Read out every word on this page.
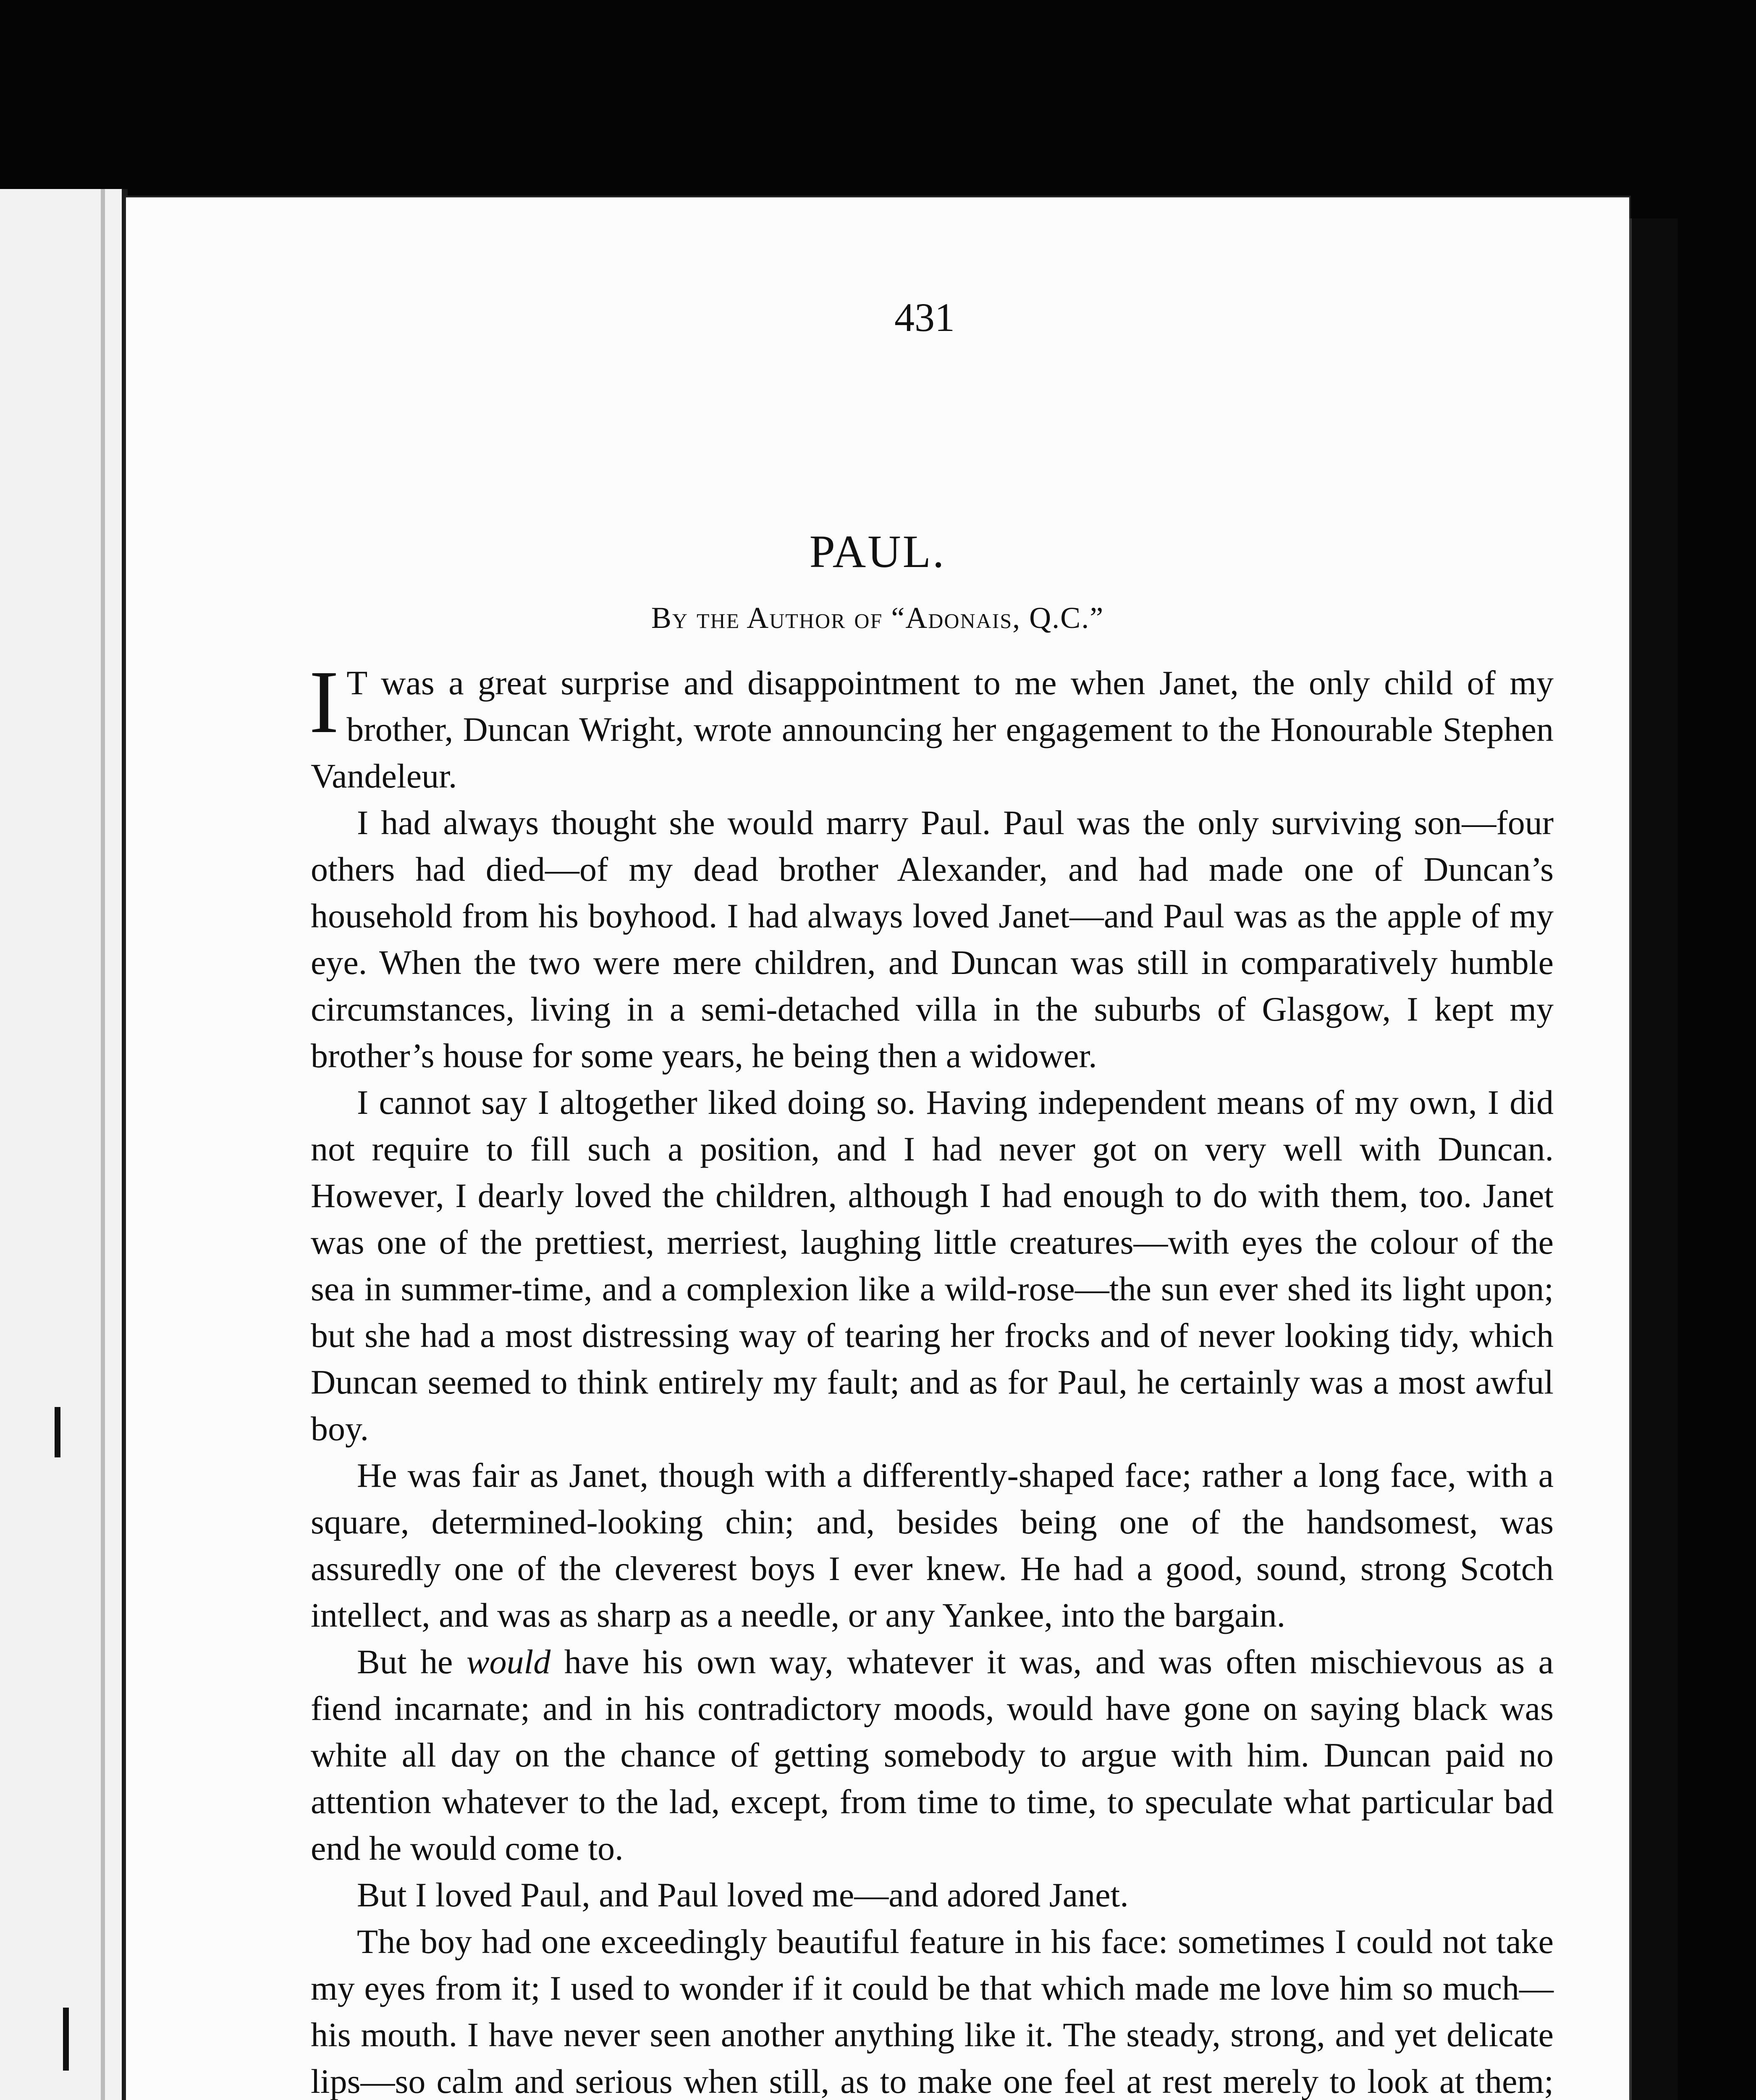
431
PAUL.
By the Author of “Adonais, Q.C.”

I T was a great surprise and disappointment to me when Janet, the only child of my brother, Duncan Wright, wrote announcing her engagement to the Honourable Stephen Vandeleur.

I had always thought she would marry Paul. Paul was the only surviving son—four others had died—of my dead brother Alexander, and had made one of Duncan’s household from his boyhood. I had always loved Janet—and Paul was as the apple of my eye. When the two were mere children, and Duncan was still in comparatively humble circumstances, living in a semi-detached villa in the suburbs of Glasgow, I kept my brother’s house for some years, he being then a widower.

I cannot say I altogether liked doing so. Having independent means of my own, I did not require to fill such a position, and I had never got on very well with Duncan. However, I dearly loved the children, although I had enough to do with them, too. Janet was one of the prettiest, merriest, laughing little creatures—with eyes the colour of the sea in summer-time, and a complexion like a wild-rose—the sun ever shed its light upon; but she had a most distressing way of tearing her frocks and of never looking tidy, which Duncan seemed to think entirely my fault; and as for Paul, he certainly was a most awful boy.

He was fair as Janet, though with a differently-shaped face; rather a long face, with a square, determined-looking chin; and, besides being one of the handsomest, was assuredly one of the cleverest boys I ever knew. He had a good, sound, strong Scotch intellect, and was as sharp as a needle, or any Yankee, into the bargain.

But he would have his own way, whatever it was, and was often mischievous as a fiend incarnate; and in his contradictory moods, would have gone on saying black was white all day on the chance of getting somebody to argue with him. Duncan paid no attention whatever to the lad, except, from time to time, to speculate what particular bad end he would come to.

But I loved Paul, and Paul loved me—and adored Janet.

The boy had one exceedingly beautiful feature in his face: sometimes I could not take my eyes from it; I used to wonder if it could be that which made me love him so much—his mouth. I have never seen another anything like it. The steady, strong, and yet delicate lips—so calm and serious when still, as to make one feel at rest merely to look at them;
